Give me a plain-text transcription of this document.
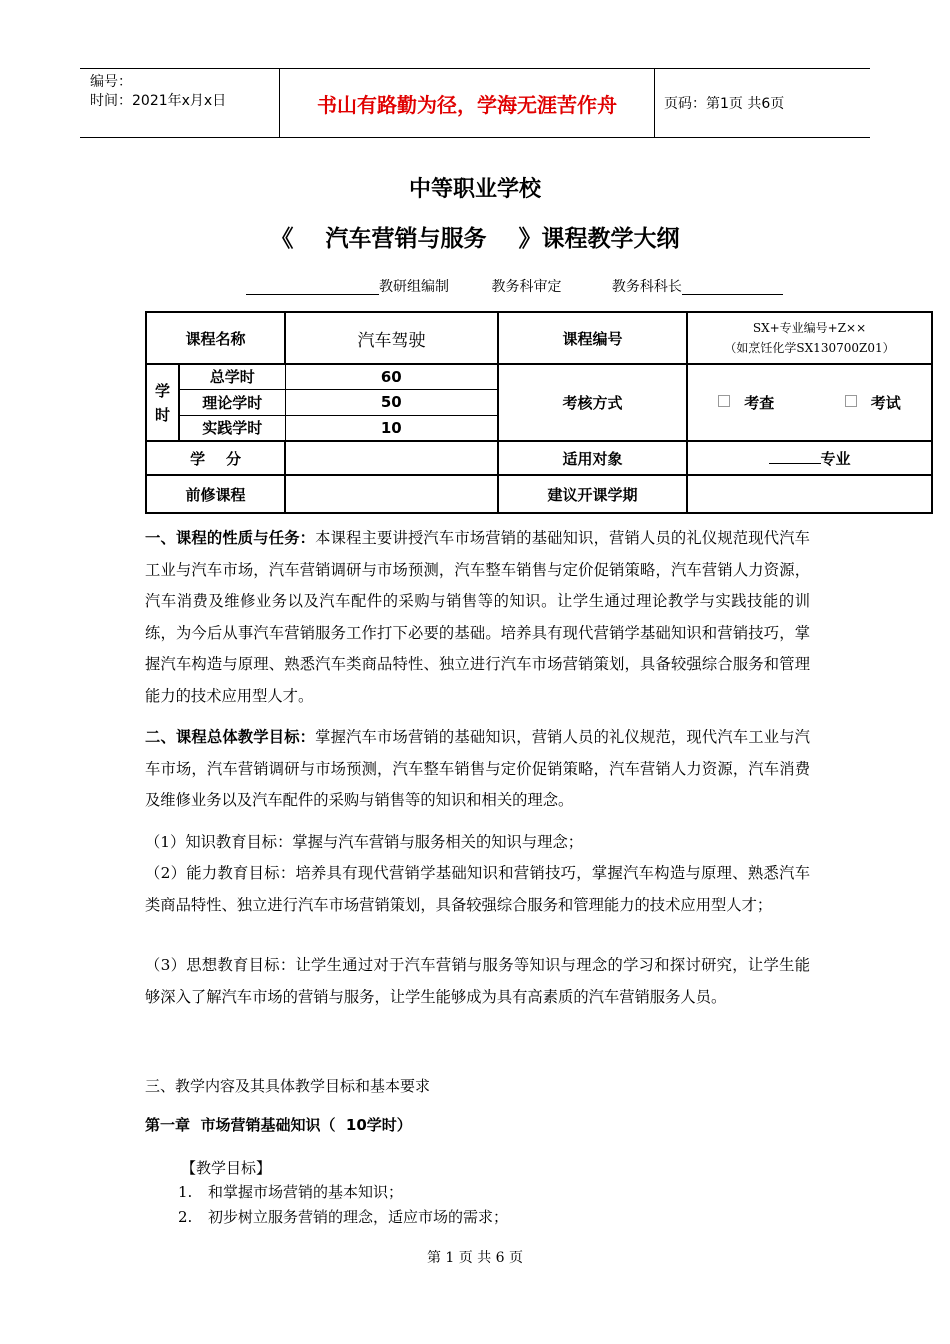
编号：
时间：2021年x月x日	书山有路勤为径，学海无涯苦作舟	页码：第1页 共6页
中等职业学校
《    汽车营销与服务    》课程教学大纲
教研组编制	教务科审定	教务科科长
课程名称		汽车驾驶	课程编号	SX+专业编号+Z××
（如烹饪化学SX130700Z01）

学时	总学时	60	考核方式	考查 考试
	理论学时	50		
	实践学时	10		
学    分			适用对象	专业
前修课程			建议开课学期	
一、课程的性质与任务：本课程主要讲授汽车市场营销的基础知识，营销人员的礼仪规范现代汽车工业与汽车市场，汽车营销调研与市场预测，汽车整车销售与定价促销策略，汽车营销人力资源，汽车消费及维修业务以及汽车配件的采购与销售等的知识。让学生通过理论教学与实践技能的训练，为今后从事汽车营销服务工作打下必要的基础。培养具有现代营销学基础知识和营销技巧，掌握汽车构造与原理、熟悉汽车类商品特性、独立进行汽车市场营销策划，具备较强综合服务和管理能力的技术应用型人才。
二、课程总体教学目标：掌握汽车市场营销的基础知识，营销人员的礼仪规范，现代汽车工业与汽车市场，汽车营销调研与市场预测，汽车整车销售与定价促销策略，汽车营销人力资源，汽车消费及维修业务以及汽车配件的采购与销售等的知识和相关的理念。
（1）知识教育目标：掌握与汽车营销与服务相关的知识与理念；
（2）能力教育目标：培养具有现代营销学基础知识和营销技巧，掌握汽车构造与原理、熟悉汽车类商品特性、独立进行汽车市场营销策划，具备较强综合服务和管理能力的技术应用型人才；
（3）思想教育目标：让学生通过对于汽车营销与服务等知识与理念的学习和探讨研究，让学生能够深入了解汽车市场的营销与服务，让学生能够成为具有高素质的汽车营销服务人员。
三、教学内容及其具体教学目标和基本要求
第一章  市场营销基础知识（  10学时）
【教学目标】
1. 和掌握市场营销的基本知识；
2. 初步树立服务营销的理念，适应市场的需求；
第 1 页 共 6 页
